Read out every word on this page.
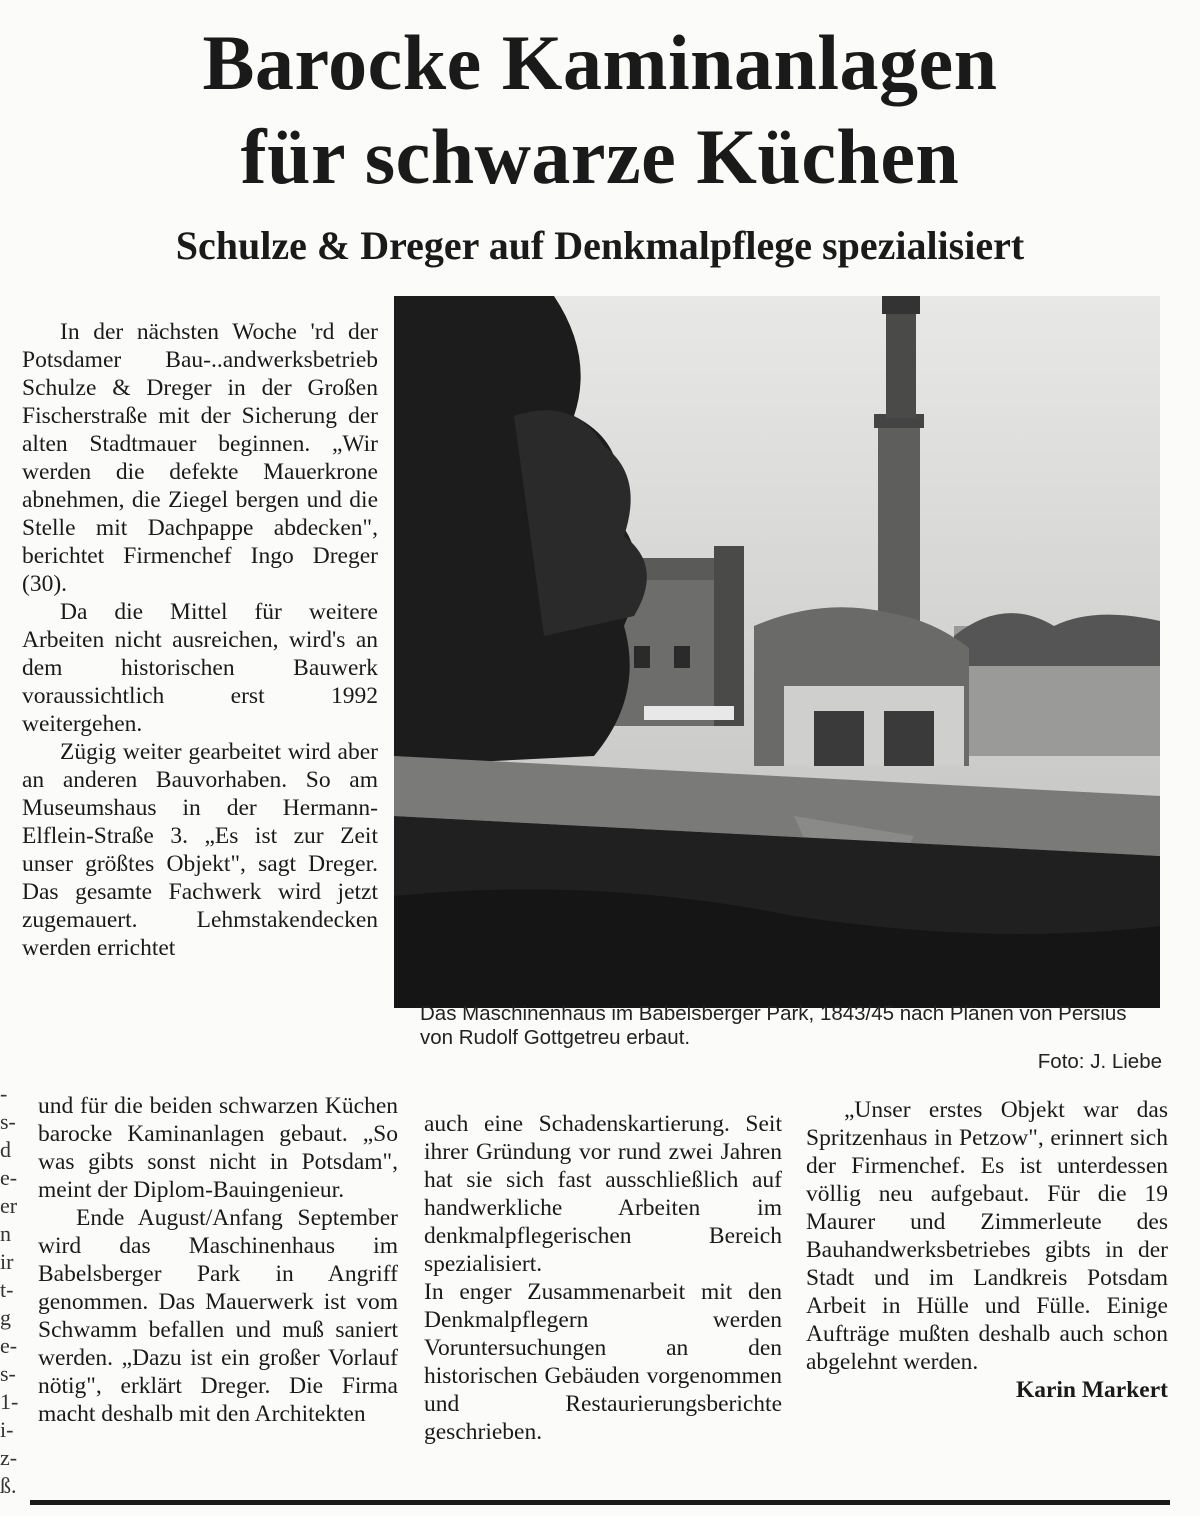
Barocke Kaminanlagen
für schwarze Küchen
Schulze & Dreger auf Denkmalpflege spezialisiert

In der nächsten Woche 'rd der Potsdamer Bau-..andwerksbetrieb Schulze & Dreger in der Großen Fischerstraße mit der Sicherung der alten Stadtmauer beginnen. „Wir werden die defekte Mauerkrone abnehmen, die Ziegel bergen und die Stelle mit Dachpappe abdecken", berichtet Firmenchef Ingo Dreger (30).

Da die Mittel für weitere Arbeiten nicht ausreichen, wird's an dem historischen Bauwerk voraussichtlich erst 1992 weitergehen.

Zügig weiter gearbeitet wird aber an anderen Bauvorhaben. So am Museumshaus in der Hermann-Elflein-Straße 3. „Es ist zur Zeit unser größtes Objekt", sagt Dreger. Das gesamte Fachwerk wird jetzt zugemauert. Lehmstakendecken werden errichtet

Das Maschinenhaus im Babelsberger Park, 1843/45 nach Plänen von Persius von Rudolf Gottgetreu erbaut.
Foto: J. Liebe

und für die beiden schwarzen Küchen barocke Kaminanlagen gebaut. „So was gibts sonst nicht in Potsdam", meint der Diplom-Bauingenieur.

Ende August/Anfang September wird das Maschinenhaus im Babelsberger Park in Angriff genommen. Das Mauerwerk ist vom Schwamm befallen und muß saniert werden. „Dazu ist ein großer Vorlauf nötig", erklärt Dreger. Die Firma macht deshalb mit den Architekten

auch eine Schadenskartierung. Seit ihrer Gründung vor rund zwei Jahren hat sie sich fast ausschließlich auf handwerkliche Arbeiten im denkmalpflegerischen Bereich spezialisiert.

In enger Zusammenarbeit mit den Denkmalpflegern werden Voruntersuchungen an den historischen Gebäuden vorgenommen und Restaurierungsberichte geschrieben.

„Unser erstes Objekt war das Spritzenhaus in Petzow", erinnert sich der Firmenchef. Es ist unterdessen völlig neu aufgebaut. Für die 19 Maurer und Zimmerleute des Bauhandwerksbetriebes gibts in der Stadt und im Landkreis Potsdam Arbeit in Hülle und Fülle. Einige Aufträge mußten deshalb auch schon abgelehnt werden.

Karin Markert

-
s-
d
e-
er
n
ir
t-
g
e-
s-
1-
i-
z-
ß.
